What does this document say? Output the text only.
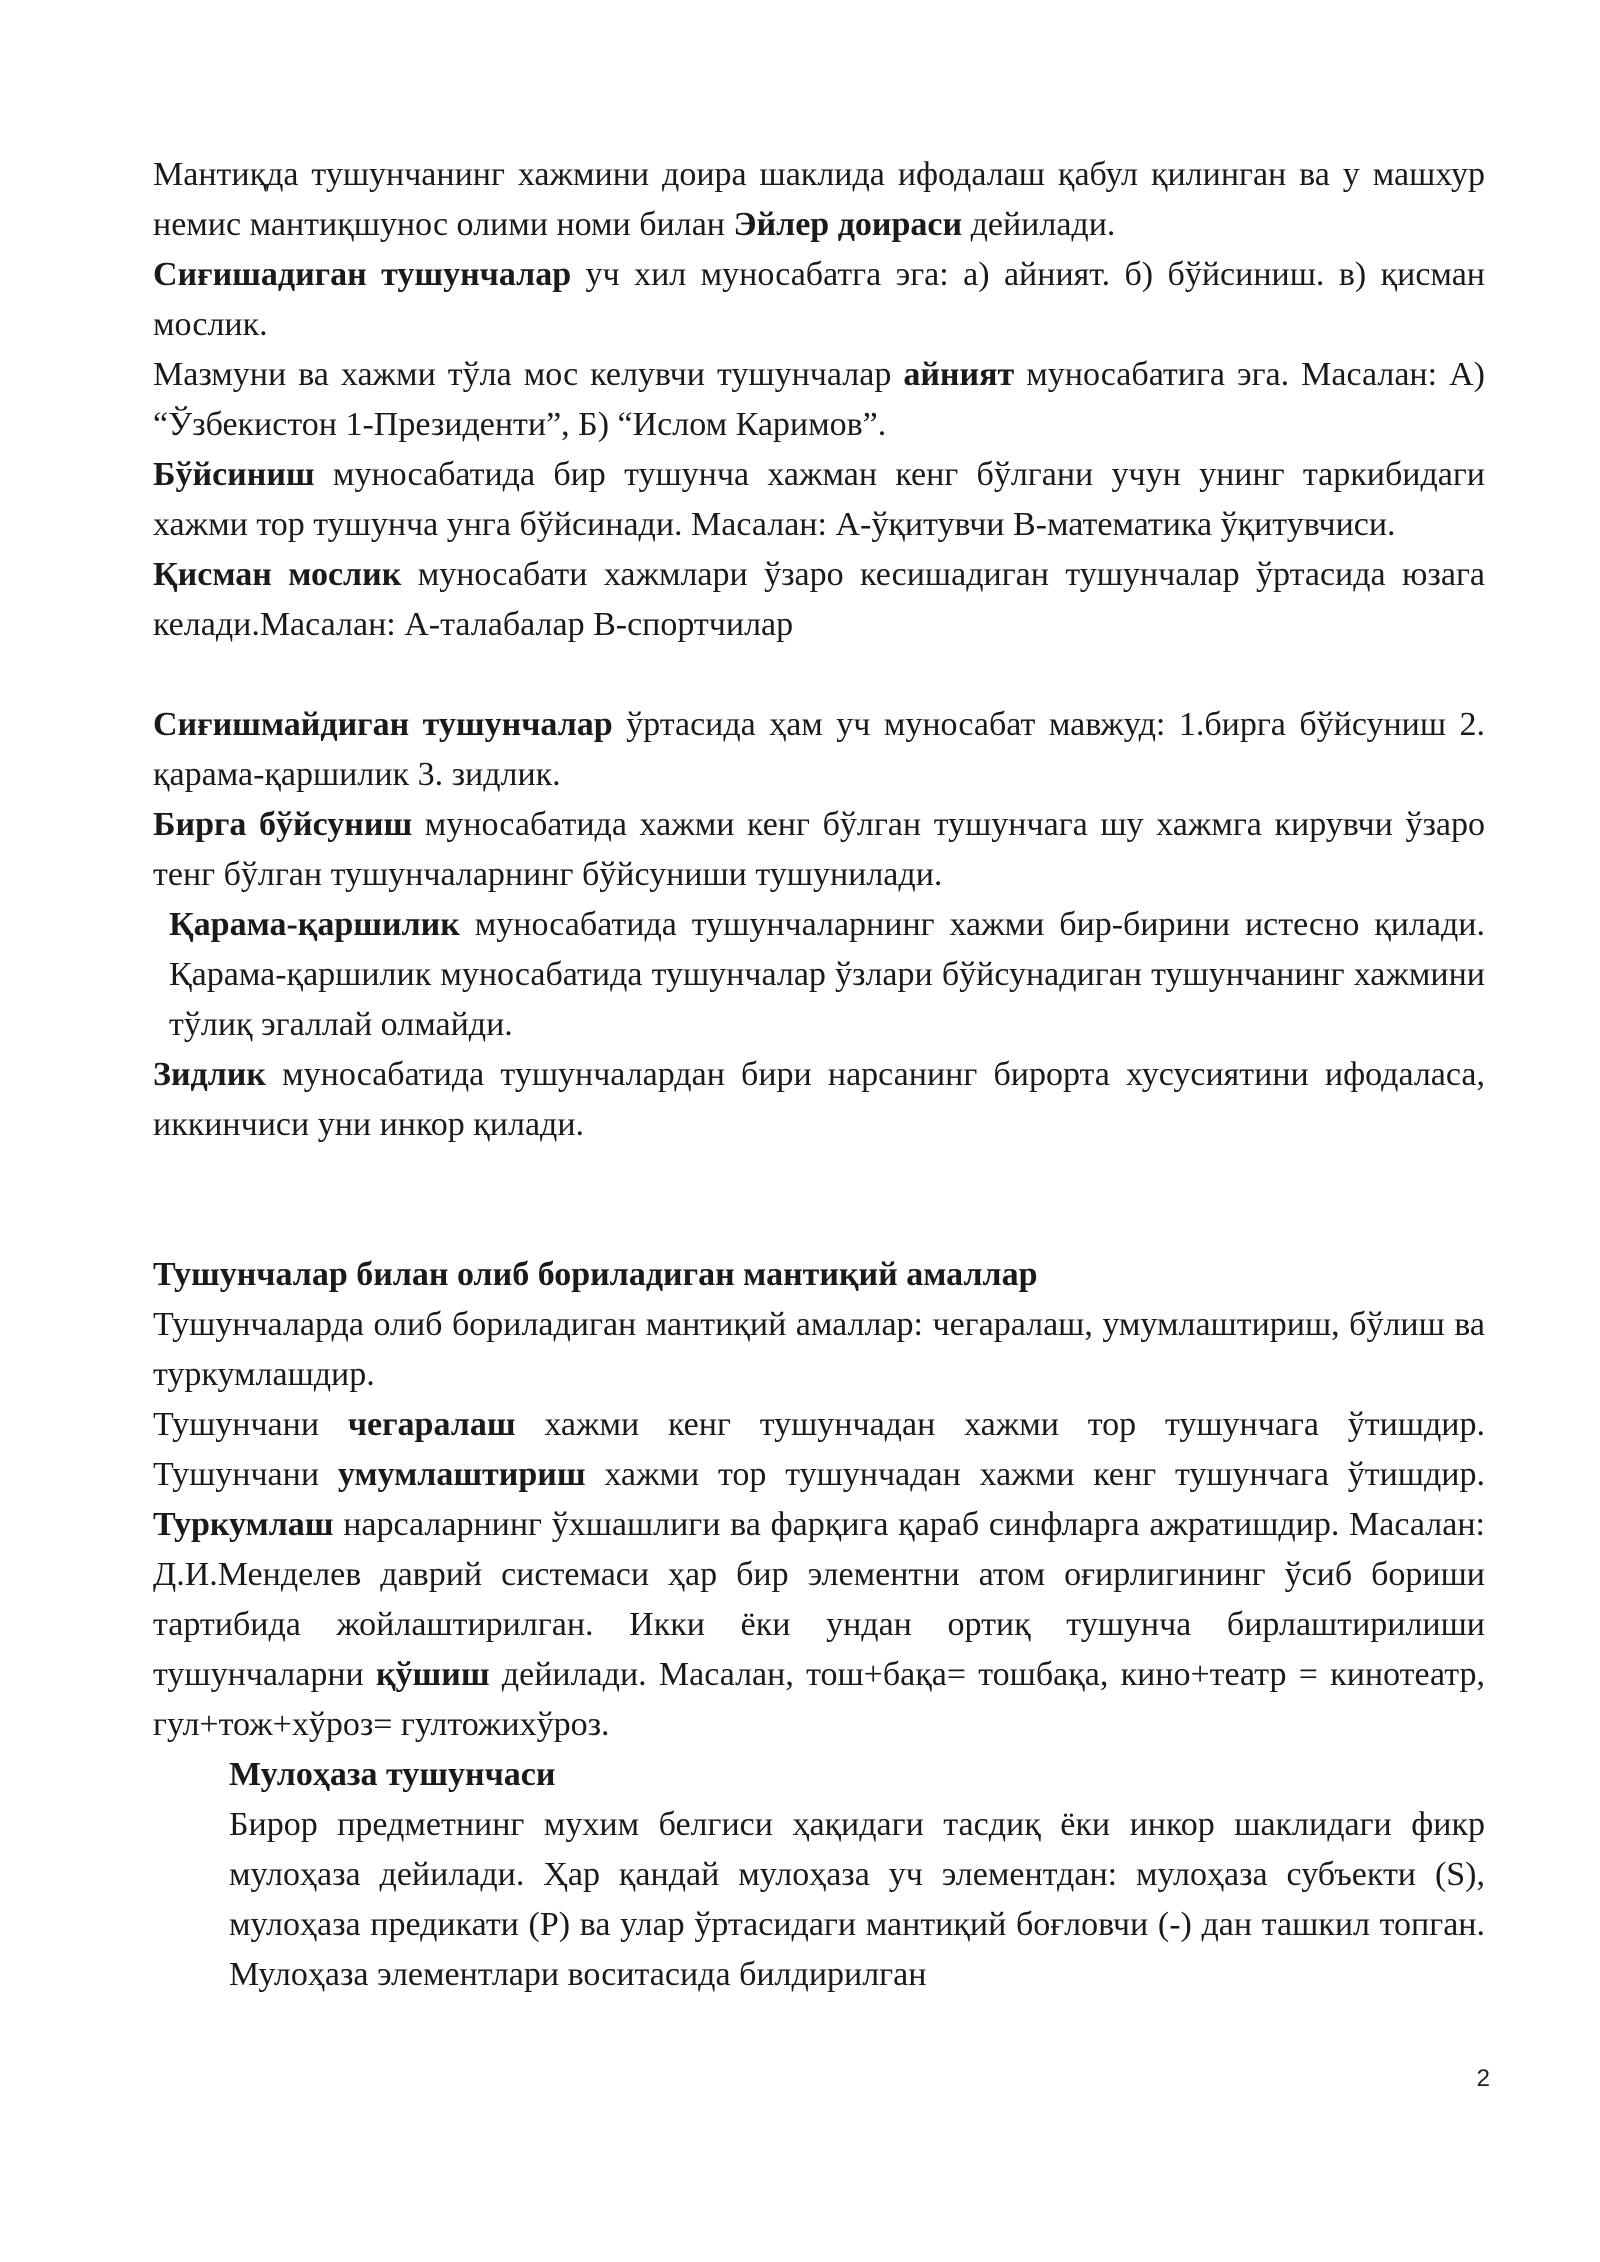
Мантиқда тушунчанинг хажмини доира шаклида ифодалаш қабул қилинган ва у машхур немис мантиқшунос олими номи билан Эйлер доираси дейилади.

Сиғишадиган тушунчалар уч хил муносабатга эга: а) айният. б) бўйсиниш. в) қисман мослик.

Мазмуни ва хажми тўла мос келувчи тушунчалар айният муносабатига эга. Масалан: А) “Ўзбекистон 1-Президенти”, Б) “Ислом Каримов”.

Бўйсиниш муносабатида бир тушунча хажман кенг бўлгани учун унинг таркибидаги хажми тор тушунча унга бўйсинади. Масалан: А-ўқитувчи В-математика ўқитувчиси.

Қисман мослик муносабати хажмлари ўзаро кесишадиган тушунчалар ўртасида юзага келади.Масалан: А-талабалар В-спортчилар

Сиғишмайдиган тушунчалар ўртасида ҳам уч муносабат мавжуд: 1.бирга бўйсуниш 2. қарама-қаршилик 3. зидлик.

Бирга бўйсуниш муносабатида хажми кенг бўлган тушунчага шу хажмга кирувчи ўзаро тенг бўлган тушунчаларнинг бўйсуниши тушунилади.

Қарама-қаршилик муносабатида тушунчаларнинг хажми бир-бирини истесно қилади. Қарама-қаршилик муносабатида тушунчалар ўзлари бўйсунадиган тушунчанинг хажмини тўлиқ эгаллай олмайди.

Зидлик муносабатида тушунчалардан бири нарсанинг бирорта хусусиятини ифодаласа, иккинчиси уни инкор қилади.

Тушунчалар билан олиб бориладиган мантиқий амаллар

Тушунчаларда олиб бориладиган мантиқий амаллар: чегаралаш, умумлаштириш, бўлиш ва туркумлашдир.

Тушунчани чегаралаш хажми кенг тушунчадан хажми тор тушунчага ўтишдир. Тушунчани умумлаштириш хажми тор тушунчадан хажми кенг тушунчага ўтишдир. Туркумлаш нарсаларнинг ўхшашлиги ва фарқига қараб синфларга ажратишдир. Масалан: Д.И.Менделев даврий системаси ҳар бир элементни атом оғирлигининг ўсиб бориши тартибида жойлаштирилган. Икки ёки ундан ортиқ тушунча бирлаштирилиши тушунчаларни қўшиш дейилади. Масалан, тош+бақа= тошбақа, кино+театр = кинотеатр, гул+тож+хўроз= гултожихўроз.

Мулоҳаза тушунчаси

Бирор предметнинг мухим белгиси ҳақидаги тасдиқ ёки инкор шаклидаги фикр мулоҳаза дейилади. Ҳар қандай мулоҳаза уч элементдан: мулоҳаза субъекти (S), мулоҳаза предикати (P) ва улар ўртасидаги мантиқий боғловчи (-) дан ташкил топган. Мулоҳаза элементлари воситасида билдирилган

2
